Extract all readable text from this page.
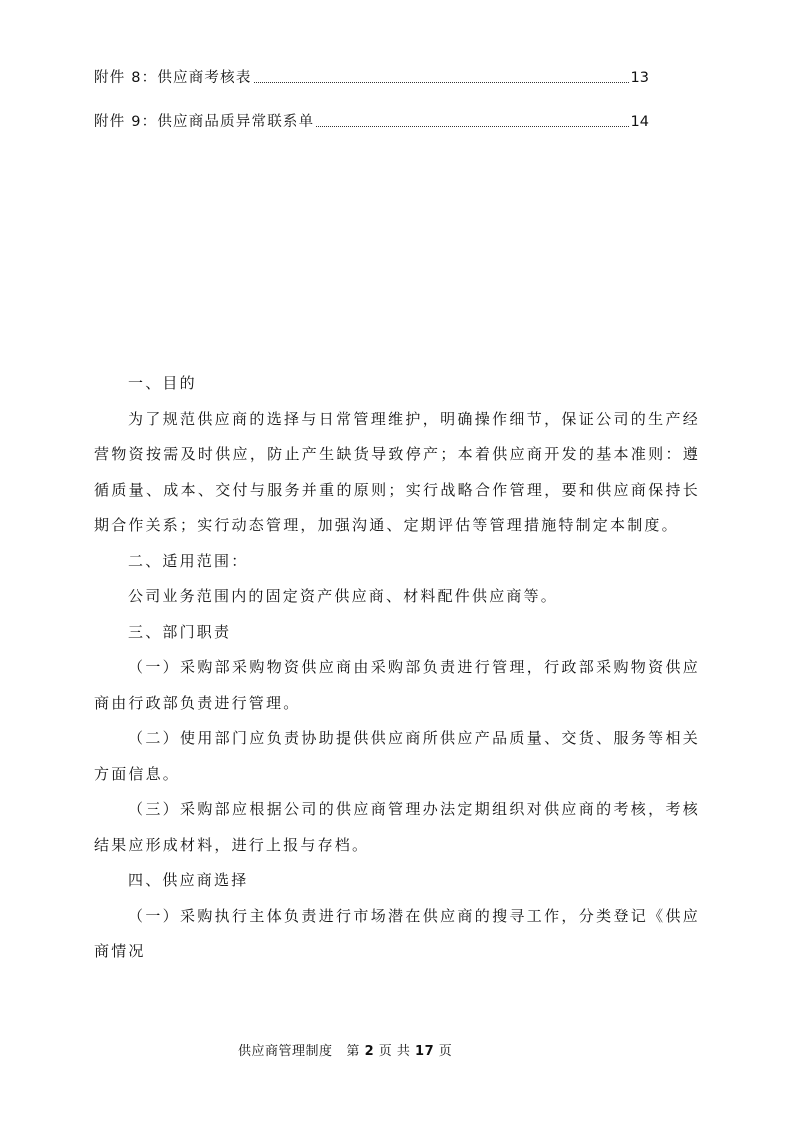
附件 8：供应商考核表	13
附件 9：供应商品质异常联系单	14

一、目的

为了规范供应商的选择与日常管理维护，明确操作细节，保证公司的生产经营物资按需及时供应，防止产生缺货导致停产；本着供应商开发的基本准则：遵循质量、成本、交付与服务并重的原则；实行战略合作管理，要和供应商保持长期合作关系；实行动态管理，加强沟通、定期评估等管理措施特制定本制度。

二、适用范围：

公司业务范围内的固定资产供应商、材料配件供应商等。

三、部门职责

（一）采购部采购物资供应商由采购部负责进行管理，行政部采购物资供应商由行政部负责进行管理。

（二）使用部门应负责协助提供供应商所供应产品质量、交货、服务等相关方面信息。

（三）采购部应根据公司的供应商管理办法定期组织对供应商的考核，考核结果应形成材料，进行上报与存档。

四、供应商选择

（一）采购执行主体负责进行市场潜在供应商的搜寻工作，分类登记《供应商情况

供应商管理制度 第 2 页 共 17 页
